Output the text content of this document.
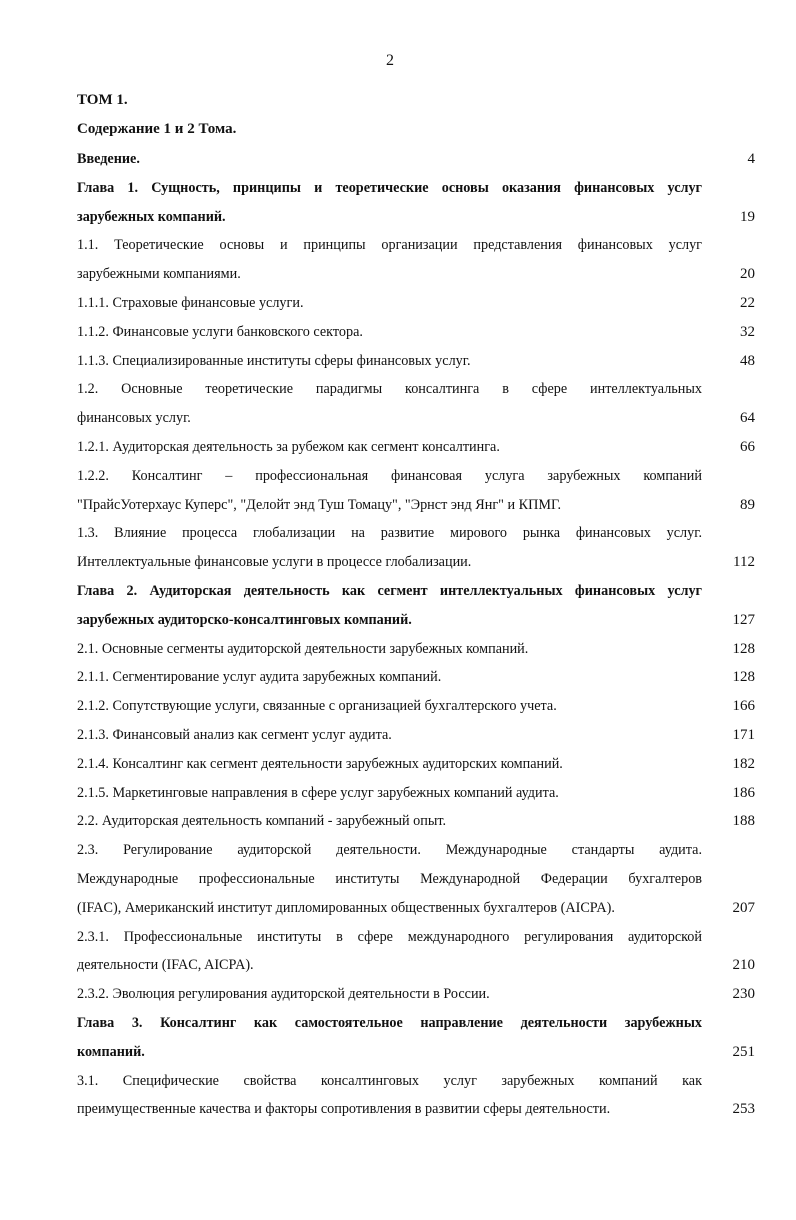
2
ТОМ 1.
Содержание 1 и 2 Тома.
Введение.	4
Глава 1. Сущность, принципы и теоретические основы оказания финансовых услуг
зарубежных компаний.	19
1.1. Теоретические основы и принципы организации представления финансовых услуг
зарубежными компаниями.	20
1.1.1. Страховые финансовые услуги.	22
1.1.2. Финансовые услуги банковского сектора.	32
1.1.3. Специализированные институты сферы финансовых услуг.	48
1.2. Основные теоретические парадигмы консалтинга в сфере интеллектуальных
финансовых услуг.	64
1.2.1. Аудиторская деятельность за рубежом как сегмент консалтинга.	66
1.2.2. Консалтинг – профессиональная финансовая услуга зарубежных компаний
"ПрайсУотерхаус Куперс", "Делойт энд Туш Томацу", "Эрнст энд Янг" и КПМГ.	89
1.3. Влияние процесса глобализации на развитие мирового рынка финансовых услуг.
Интеллектуальные финансовые услуги в процессе глобализации.	112
Глава 2. Аудиторская деятельность как сегмент интеллектуальных финансовых услуг
зарубежных аудиторско-консалтинговых компаний.	127
2.1. Основные сегменты аудиторской деятельности зарубежных компаний.	128
2.1.1. Сегментирование услуг аудита зарубежных компаний.	128
2.1.2. Сопутствующие услуги, связанные с организацией бухгалтерского учета.	166
2.1.3. Финансовый анализ как сегмент услуг аудита.	171
2.1.4. Консалтинг как сегмент деятельности зарубежных аудиторских компаний.	182
2.1.5. Маркетинговые направления в сфере услуг зарубежных компаний аудита.	186
2.2. Аудиторская деятельность компаний - зарубежный опыт.	188
2.3. Регулирование аудиторской деятельности. Международные стандарты аудита.
Международные профессиональные институты Международной Федерации бухгалтеров
(IFAC), Американский институт дипломированных общественных бухгалтеров (AICPA).	207
2.3.1. Профессиональные институты в сфере международного регулирования аудиторской
деятельности (IFAC, AICPA).	210
2.3.2. Эволюция регулирования аудиторской деятельности в России.	230
Глава 3. Консалтинг как самостоятельное направление деятельности зарубежных
компаний.	251
3.1. Специфические свойства консалтинговых услуг зарубежных компаний как
преимущественные качества и факторы сопротивления в развитии сферы деятельности.	253
